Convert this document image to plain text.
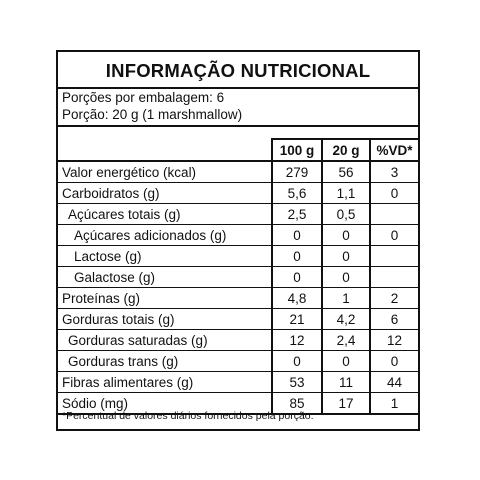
INFORMAÇÃO NUTRICIONAL
Porções por embalagem: 6
Porção: 20 g (1 marshmallow)
	100 g	20 g	%VD*
Valor energético (kcal)	279	56	3
Carboidratos (g)	5,6	1,1	0
Açúcares totais (g)	2,5	0,5	
Açúcares adicionados (g)	0	0	0
Lactose (g)	0	0	
Galactose (g)	0	0	
Proteínas (g)	4,8	1	2
Gorduras totais (g)	21	4,2	6
Gorduras saturadas (g)	12	2,4	12
Gorduras trans (g)	0	0	0
Fibras alimentares (g)	53	11	44
Sódio (mg)	85	17	1
*Percentual de valores diários fornecidos pela porção.
